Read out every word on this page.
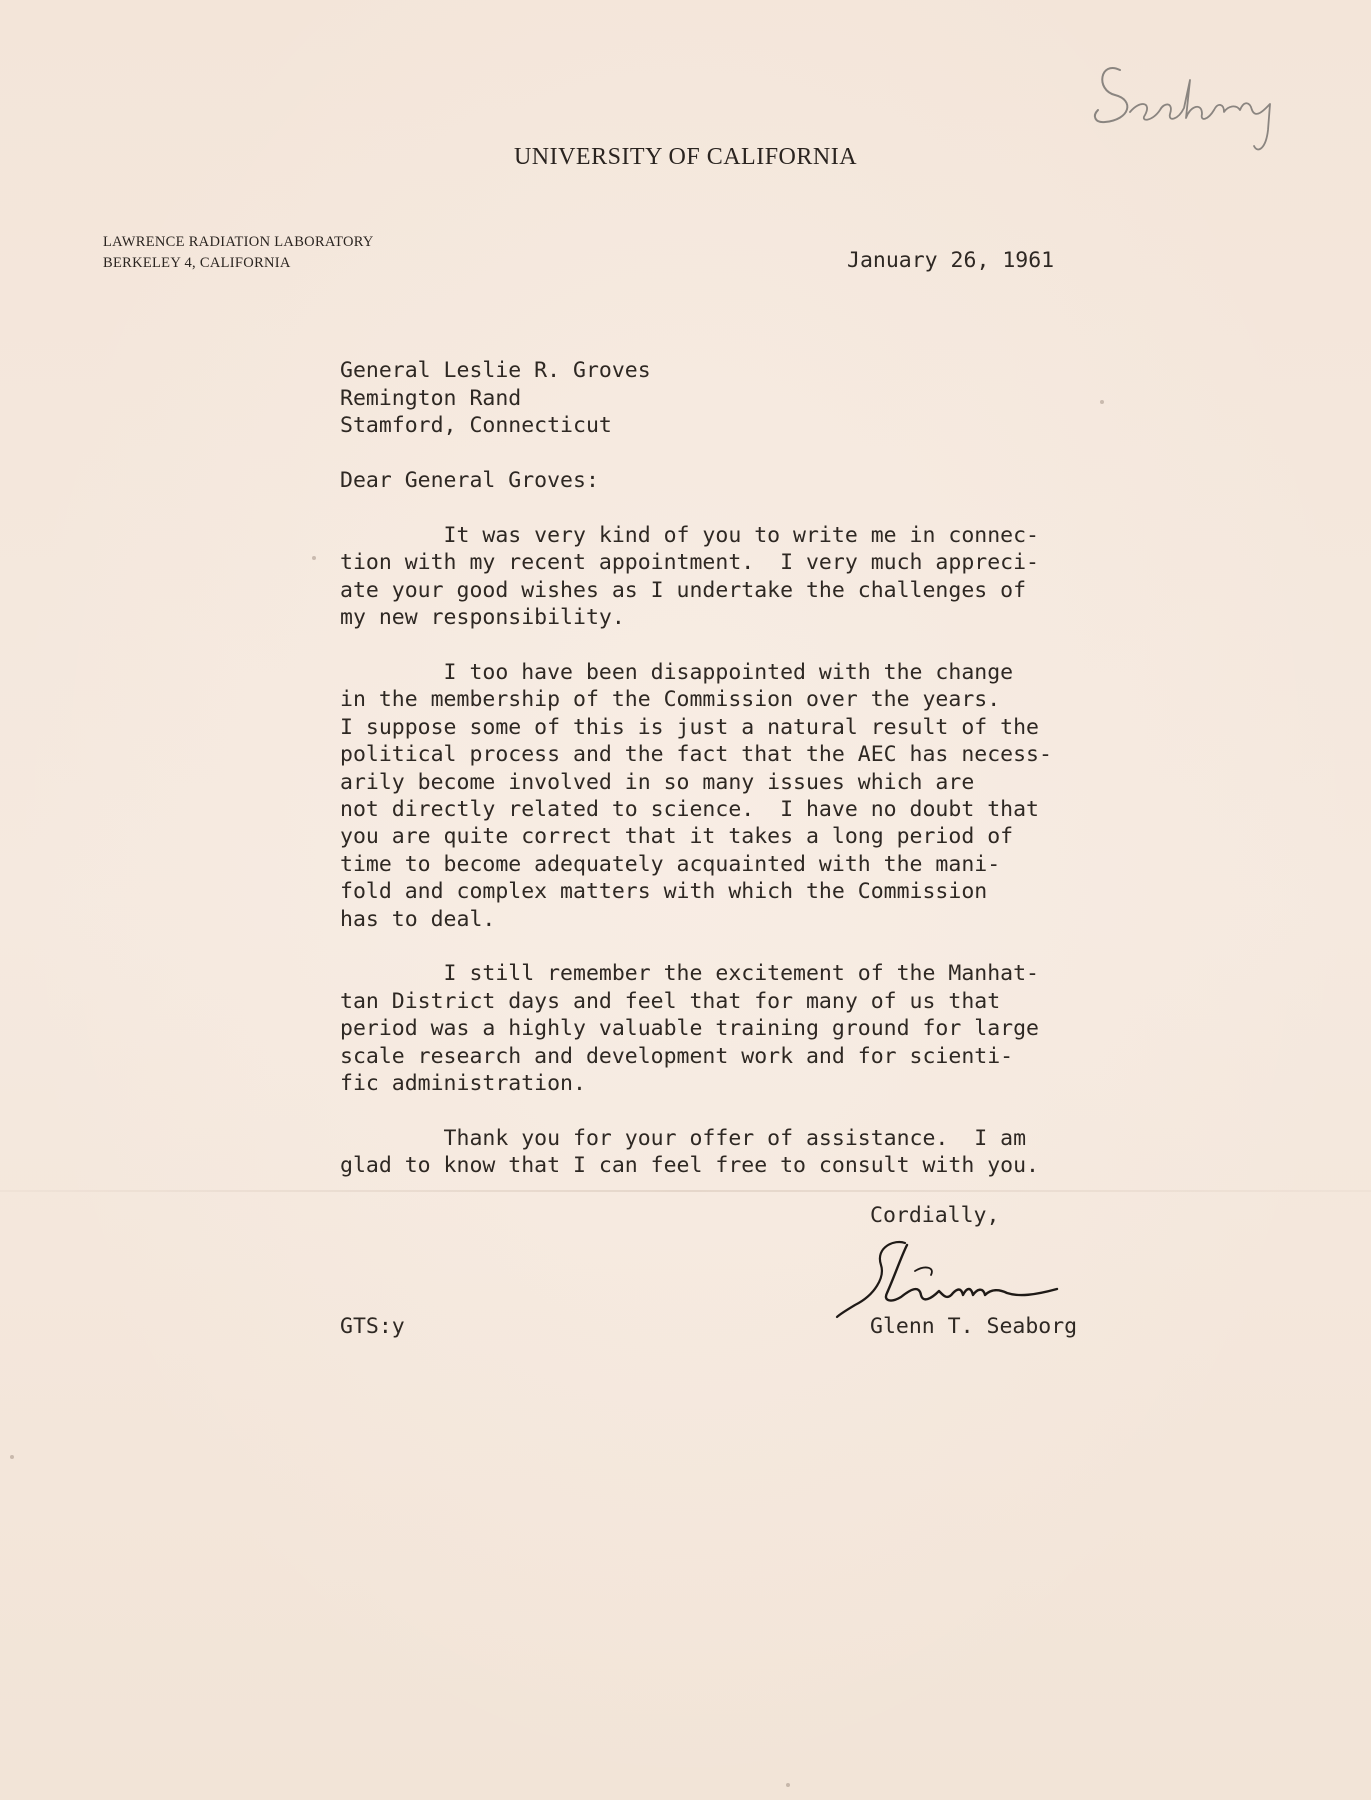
UNIVERSITY OF CALIFORNIA
LAWRENCE RADIATION LABORATORY
BERKELEY 4, CALIFORNIA	January 26, 1961
General Leslie R. Groves
Remington Rand
Stamford, Connecticut
Dear General Groves:
It was very kind of you to write me in connec-
tion with my recent appointment.  I very much appreci-
ate your good wishes as I undertake the challenges of
my new responsibility.
I too have been disappointed with the change
in the membership of the Commission over the years.
I suppose some of this is just a natural result of the
political process and the fact that the AEC has necess-
arily become involved in so many issues which are
not directly related to science.  I have no doubt that
you are quite correct that it takes a long period of
time to become adequately acquainted with the mani-
fold and complex matters with which the Commission
has to deal.
I still remember the excitement of the Manhat-
tan District days and feel that for many of us that
period was a highly valuable training ground for large
scale research and development work and for scienti-
fic administration.
Thank you for your offer of assistance.  I am
glad to know that I can feel free to consult with you.
Cordially,
Glenn T. Seaborg
GTS:y
